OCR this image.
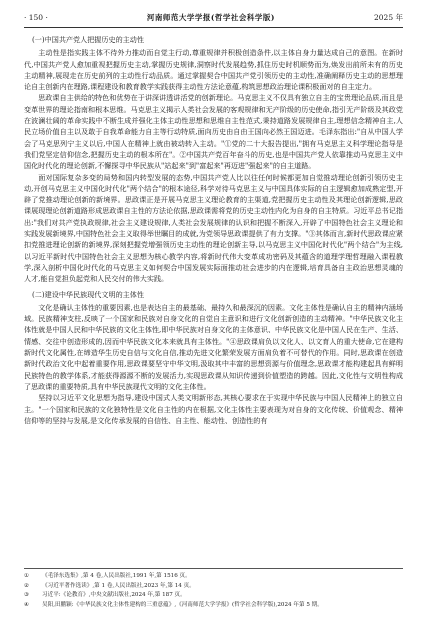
· 150 ·	河南师范大学学报(哲学社会科学版)	2025 年
(一)中国共产党人把握历史的主动性

主动性是指实践主体不待外力推动而自觉主行动,尊重规律并积极创造条件,以主体自身力量达成自己的意图。在新时代,中国共产党人愈加重视把握历史主动,掌握历史规律,洞察时代发展趋势,抓住历史时机顺势而为,焕发出前所未有的历史主动精神,展现走在历史前列的主动性行动品质。通过掌握契合中国共产党引领历史的主动性,准确阐释历史主动的思想理论自主创新内在理路,课程建设和教育教学实践获得主动性方法论意蕴,构筑思想政治理论课积极面对的自主定力。

思政课自主供给的特色和优势在于讲深讲透讲活党的创新理论。马克思主义不仅具有独立自主的宝贵理论品质,而且是变革世界的理论指南和根本思维。马克思主义揭示人类社会发展的客观规律和无产阶级的历史使命,指引无产阶级及其政党在波澜壮阔的革命实践中不断生成并强化主体主动性思想和思维自主性范式,秉持道路发展规律自主,理想信念精神自主,人民立场价值自主以及敢于自我革命能力自主等行动特质,面向历史由自由王国向必然王国迈进。毛泽东指出:"自从中国人学会了马克思列宁主义以后,中国人在精神上就由被动转入主动。"①党的二十大报告提出,"拥有马克思主义科学理论指导是我们党坚定信仰信念,把握历史主动的根本所在"。②中国共产党百年奋斗的历史,也是中国共产党人依靠推动马克思主义中国化时代化的理论创新,不懈探寻中华民族从"站起来"到"富起来"再迈进"强起来"的自主道路。

面对国际复杂多变的局势和国内转型发展的态势,中国共产党人比以往任何时候都更加自觉推动理论创新引领历史主动,开创马克思主义中国化时代化"两个结合"的根本途径,科学对待马克思主义与中国具体实际的自主逻辑愈加成熟定型,开辟了党推动理论创新的新境界。思政课正是开展马克思主义理论教育的主渠道,党把握历史主动性及其理论创新逻辑,思政课展现理论创新道路形成思政课自主性的方法论依据,思政课需将党的历史主动性内化为自身的自主特质。习近平总书记指出:"我们对共产党执政规律,社会主义建设规律,人类社会发展规律的认识和把握不断深入,开辟了中国特色社会主义理论和实践发展新境界,中国特色社会主义取得举世瞩目的成就,为党领导思政课提供了有力支撑。"③其体而言,新时代思政课应紧扣党推进理论创新的新境界,深刻把握党增强领历史主动性的理论创新主导,以马克思主义中国化时代化"两个结合"为主线,以习近平新时代中国特色社会主义思想为核心教学内容,将新时代伟大变革成功密码及其蕴含的道理学理哲理融入课程教学,深入剖析中国化时代化的马克思主义如何契合中国发展实际面推动社会进步的内在逻辑,培育具备自主政治思想灵魂的人才,能自觉担负起党和人民交付的伟大实践。

(二)建设中华民族现代文明的主体性

文化是确认主体性的重要因素,也是表达自主的最基础、最持久和最深沉的因素。文化主体性是确认自主的精神内涵场域。民族精神支柱,反映了一个国家和民族对自身文化的自觉自主意识和进行文化创新创造的主动精神。"中华民族文化主体性就是中国人民和中华民族的文化主体性,即中华民族对自身文化的主体意识、中华民族文化是中国人民在生产、生活、情感、交往中创造形成的,因而中华民族文化本来就具有主体性。"④思政课肩负以文化人、以文育人的重大使命,它在建构新时代文化属性,在缔造华生历史自信与文化自信,推动先进文化繁荣发展方面肩负着不可替代的作用。同时,思政课在创造新时代政治文化中起着重要作用,思政课要坚守中华文明,汲取其中丰富的思想资源与价值理念,思政课才能构建起具有鲜明民族特色的教学体系,才能获得源源不断的发展活力,实现思政课从知识传递到价值塑造的跨越。因此,文化性与文明性构成了思政课的重要特质,具有中华民族现代文明的文化主体性。

坚持以习近平文化思想为指导,建设中国式人类文明新形态,其核心要求在于实现中华民族与中国人民精神上的独立自主。"一个国家和民族的文化独特性是文化自主性的内在根据,文化主体性主要表现为对自身的文化传统、价值观念、精神信仰等的坚持与发展,是文化传承发展的自信性、自主性、能动性、创造性的有

①	《毛泽东选集》,第 4 卷,人民出版社,1991 年,第 1516 页。
②	《习近平著作选读》,第 1 卷,人民出版社,2023 年,第 14 页。
③	习近平:《论教育》,中央文献出版社,2024 年,第 187 页。
④	吴阳,田鹏颖:《中华民族文化主体性建构的三重意蕴》,《河南师范大学学报》(哲学社会科学版),2024 年第 5 期。
